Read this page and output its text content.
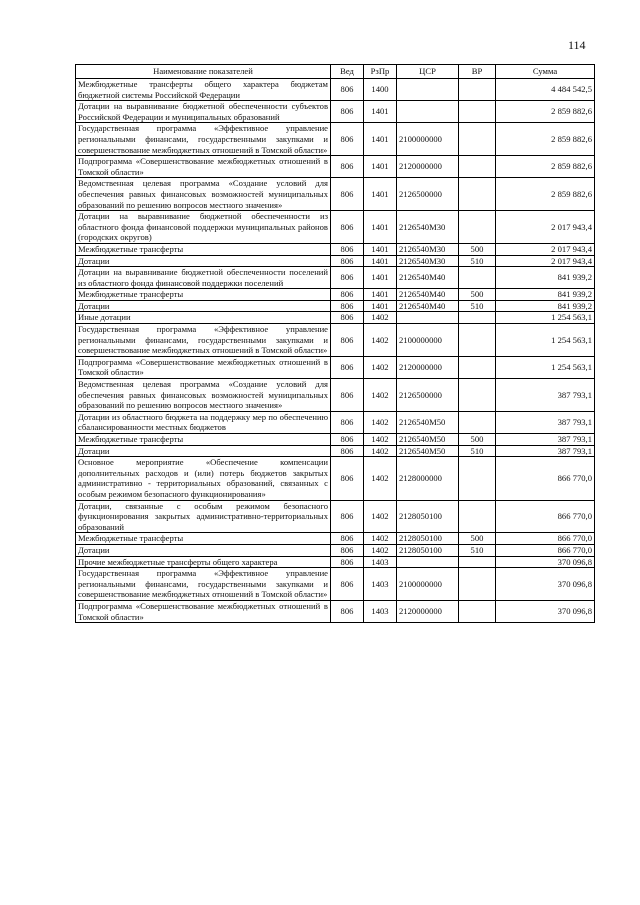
114
Наименование показателей	Вед	РзПр	ЦСР	ВР	Сумма
Межбюджетные трансферты общего характера бюджетам бюджетной системы Российской Федерации	806	1400			4 484 542,5
Дотации на выравнивание бюджетной обеспеченности субъектов Российской Федерации и муниципальных образований	806	1401			2 859 882,6
Государственная программа «Эффективное управление региональными финансами, государственными закупками и совершенствование межбюджетных отношений в Томской области»	806	1401	2100000000		2 859 882,6
Подпрограмма «Совершенствование межбюджетных отношений в Томской области»	806	1401	2120000000		2 859 882,6
Ведомственная целевая программа «Создание условий для обеспечения равных финансовых возможностей муниципальных образований по решению вопросов местного значения»	806	1401	2126500000		2 859 882,6
Дотации на выравнивание бюджетной обеспеченности из областного фонда финансовой поддержки муниципальных районов (городских округов)	806	1401	2126540М30		2 017 943,4
Межбюджетные трансферты	806	1401	2126540М30	500	2 017 943,4
Дотации	806	1401	2126540М30	510	2 017 943,4
Дотации на выравнивание бюджетной обеспеченности поселений из областного фонда финансовой поддержки поселений	806	1401	2126540М40		841 939,2
Межбюджетные трансферты	806	1401	2126540М40	500	841 939,2
Дотации	806	1401	2126540М40	510	841 939,2
Иные дотации	806	1402			1 254 563,1
Государственная программа «Эффективное управление региональными финансами, государственными закупками и совершенствование межбюджетных отношений в Томской области»	806	1402	2100000000		1 254 563,1
Подпрограмма «Совершенствование межбюджетных отношений в Томской области»	806	1402	2120000000		1 254 563,1
Ведомственная целевая программа «Создание условий для обеспечения равных финансовых возможностей муниципальных образований по решению вопросов местного значения»	806	1402	2126500000		387 793,1
Дотации из областного бюджета на поддержку мер по обеспечению сбалансированности местных бюджетов	806	1402	2126540М50		387 793,1
Межбюджетные трансферты	806	1402	2126540М50	500	387 793,1
Дотации	806	1402	2126540М50	510	387 793,1
Основное мероприятие «Обеспечение компенсации дополнительных расходов и (или) потерь бюджетов закрытых административно - территориальных образований, связанных с особым режимом безопасного функционирования»	806	1402	2128000000		866 770,0
Дотации, связанные с особым режимом безопасного функционирования закрытых административно-территориальных образований	806	1402	2128050100		866 770,0
Межбюджетные трансферты	806	1402	2128050100	500	866 770,0
Дотации	806	1402	2128050100	510	866 770,0
Прочие межбюджетные трансферты общего характера	806	1403			370 096,8
Государственная программа «Эффективное управление региональными финансами, государственными закупками и совершенствование межбюджетных отношений в Томской области»	806	1403	2100000000		370 096,8
Подпрограмма «Совершенствование межбюджетных отношений в Томской области»	806	1403	2120000000		370 096,8
